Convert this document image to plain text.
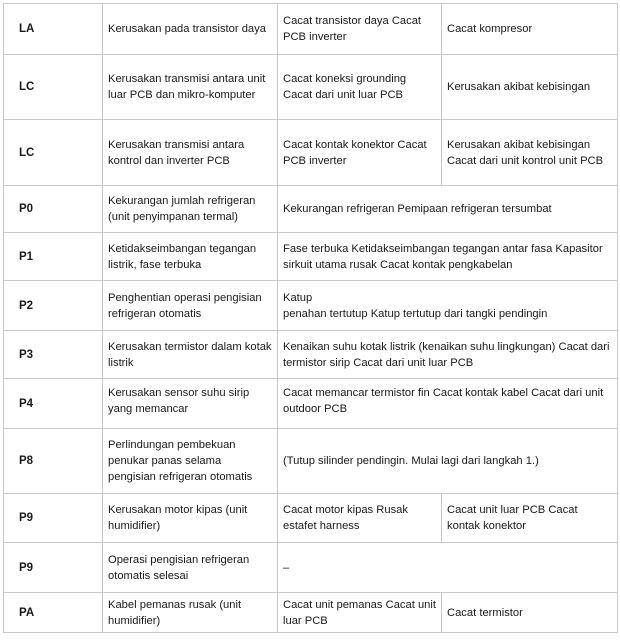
LA	Kerusakan pada transistor daya	Cacat transistor daya Cacat PCB inverter	Cacat kompresor
LC	Kerusakan transmisi antara unit luar PCB dan mikro-komputer	Cacat koneksi grounding Cacat dari unit luar PCB	Kerusakan akibat kebisingan
LC	Kerusakan transmisi antara kontrol dan inverter PCB	Cacat kontak konektor Cacat PCB inverter	Kerusakan akibat kebisingan Cacat dari unit kontrol unit PCB
P0	Kekurangan jumlah refrigeran (unit penyimpanan termal)	Kekurangan refrigeran Pemipaan refrigeran tersumbat	
P1	Ketidakseimbangan tegangan listrik, fase terbuka	Fase terbuka Ketidakseimbangan tegangan antar fasa Kapasitor sirkuit utama rusak Cacat kontak pengkabelan	
P2	Penghentian operasi pengisian refrigeran otomatis	Katup
penahan tertutup Katup tertutup dari tangki pendingin	
P3	Kerusakan termistor dalam kotak listrik	Kenaikan suhu kotak listrik (kenaikan suhu lingkungan) Cacat dari termistor sirip Cacat dari unit luar PCB	
P4	Kerusakan sensor suhu sirip yang memancar	Cacat memancar termistor fin Cacat kontak kabel Cacat dari unit outdoor PCB	
P8	Perlindungan pembekuan penukar panas selama pengisian refrigeran otomatis	(Tutup silinder pendingin. Mulai lagi dari langkah 1.)	
P9	Kerusakan motor kipas (unit humidifier)	Cacat motor kipas Rusak estafet harness	Cacat unit luar PCB Cacat kontak konektor
P9	Operasi pengisian refrigeran otomatis selesai	–	
PA	Kabel pemanas rusak (unit humidifier)	Cacat unit pemanas Cacat unit luar PCB	Cacat termistor
